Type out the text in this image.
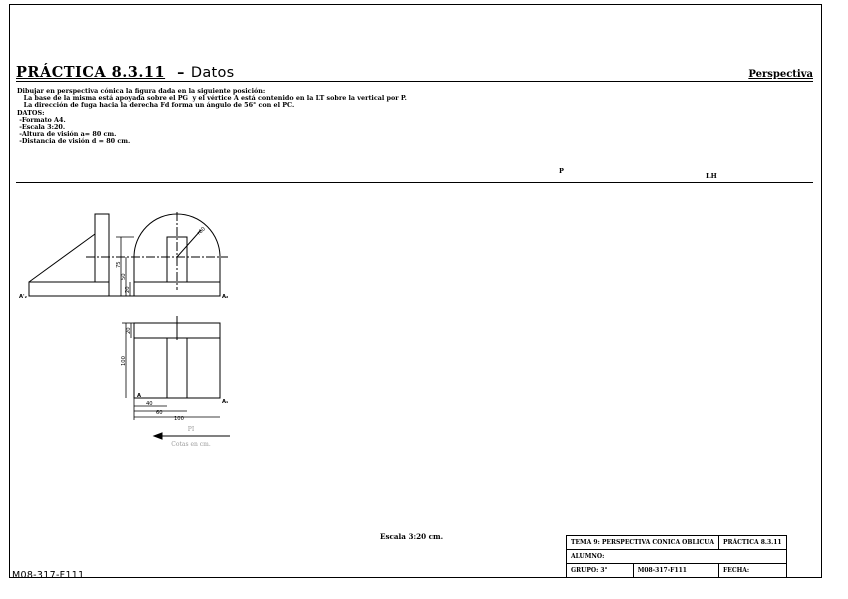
PRÁCTICA 8.3.11 – Datos	Perspectiva
Dibujar en perspectiva cónica la figura dada en la siguiente posición:
La base de la misma está apoyada sobre el PG  y el vértice A está contenido en la LT sobre la vertical por P.
La dirección de fuga hacia la derecha Fd forma un ángulo de 56° con el PC.
DATOS:
-Formato A4.
-Escala 3:20.
-Altura de visión a= 80 cm.
-Distancia de visión d = 80 cm.
P
LH
A'₂	A₂
A₁
A
r60
75
50
20
20
100
40
60
100
PI
Cotas en cm.
Escala 3:20 cm.
M08-317-F111
TEMA 9: PERSPECTIVA CONICA OBLICUA		PRÁCTICA 8.3.11
ALUMNO:		
GRUPO: 3°	M08-317-F111	FECHA:
